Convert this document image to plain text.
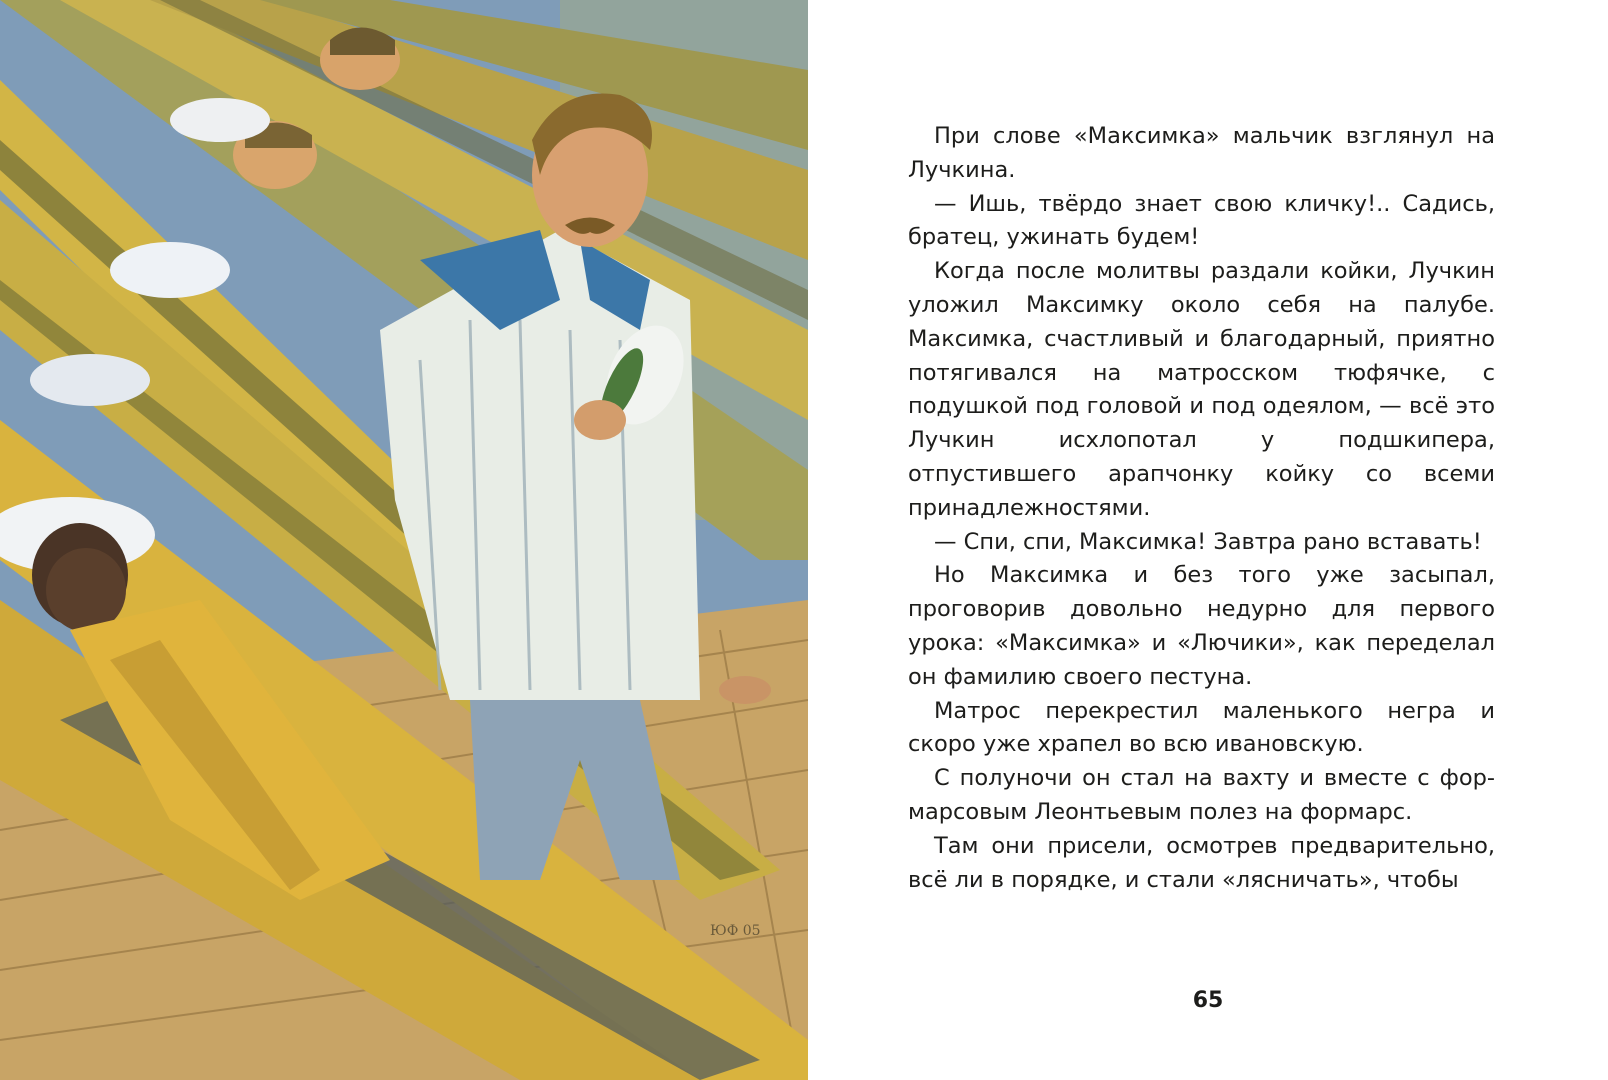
ЮФ 05

При слове «Максимка» мальчик взглянул на Лучкина.

— Ишь, твёрдо знает свою кличку!.. Садись, братец, ужинать будем!

Когда после молитвы раздали койки, Лучкин уложил Максимку около себя на палубе. Максимка, счастливый и благодарный, приятно потягивался на матросском тюфячке, с подушкой под головой и под одеялом, — всё это Лучкин исхлопотал у подшкипера, отпустившего арапчонку койку со всеми принадлежностями.

— Спи, спи, Максимка! Завтра рано вставать!

Но Максимка и без того уже засыпал, проговорив довольно недурно для первого урока: «Максимка» и «Лючики», как переделал он фамилию своего пестуна.

Матрос перекрестил маленького негра и скоро уже храпел во всю ивановскую.

С полуночи он стал на вахту и вместе с фор-марсовым Леонтьевым полез на формарс.

Там они присели, осмотрев предварительно, всё ли в порядке, и стали «лясничать», чтобы

65
